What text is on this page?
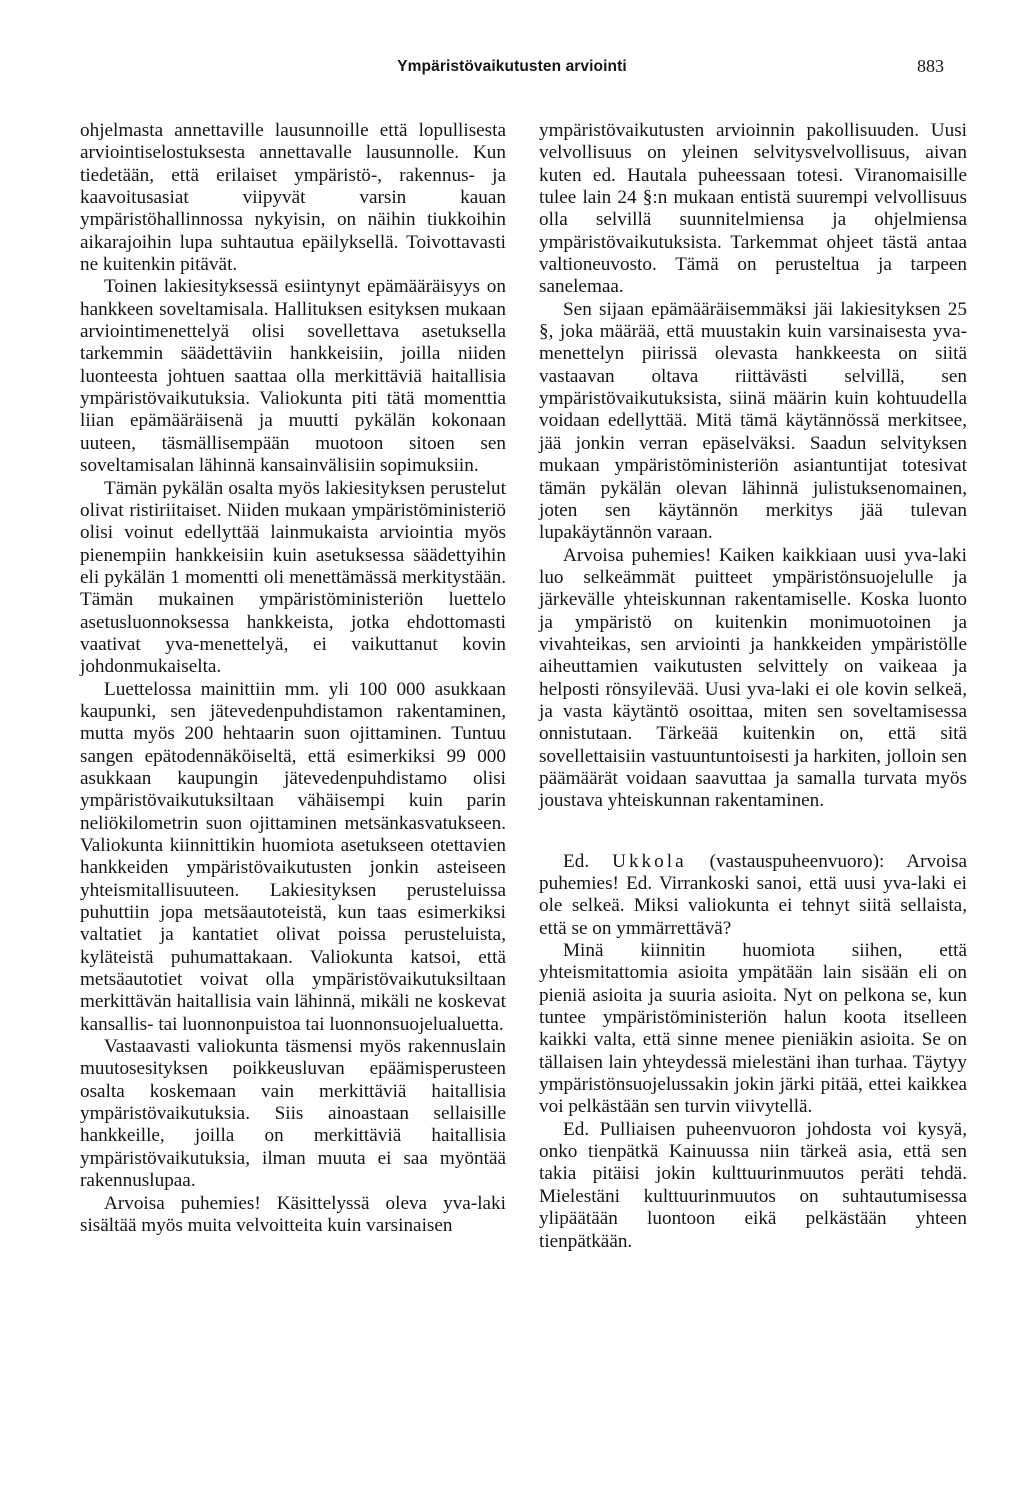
Ympäristövaikutusten arviointi	883

ohjelmasta annettaville lausunnoille että lopullisesta arviointiselostuksesta annettavalle lausunnolle. Kun tiedetään, että erilaiset ympäristö-, rakennus- ja kaavoitusasiat viipyvät varsin kauan ympäristöhallinnossa nykyisin, on näihin tiukkoihin aikarajoihin lupa suhtautua epäilyksellä. Toivottavasti ne kuitenkin pitävät.

Toinen lakiesityksessä esiintynyt epämääräisyys on hankkeen soveltamisala. Hallituksen esityksen mukaan arviointimenettelyä olisi sovellettava asetuksella tarkemmin säädettäviin hankkeisiin, joilla niiden luonteesta johtuen saattaa olla merkittäviä haitallisia ympäristövaikutuksia. Valiokunta piti tätä momenttia liian epämääräisenä ja muutti pykälän kokonaan uuteen, täsmällisempään muotoon sitoen sen soveltamisalan lähinnä kansainvälisiin sopimuksiin.

Tämän pykälän osalta myös lakiesityksen perustelut olivat ristiriitaiset. Niiden mukaan ympäristöministeriö olisi voinut edellyttää lainmukaista arviointia myös pienempiin hankkeisiin kuin asetuksessa säädettyihin eli pykälän 1 momentti oli menettämässä merkitystään. Tämän mukainen ympäristöministeriön luettelo asetusluonnoksessa hankkeista, jotka ehdottomasti vaativat yva-menettelyä, ei vaikuttanut kovin johdonmukaiselta.

Luettelossa mainittiin mm. yli 100 000 asukkaan kaupunki, sen jätevedenpuhdistamon rakentaminen, mutta myös 200 hehtaarin suon ojittaminen. Tuntuu sangen epätodennäköiseltä, että esimerkiksi 99 000 asukkaan kaupungin jätevedenpuhdistamo olisi ympäristövaikutuksiltaan vähäisempi kuin parin neliökilometrin suon ojittaminen metsänkasvatukseen. Valiokunta kiinnittikin huomiota asetukseen otettavien hankkeiden ympäristövaikutusten jonkin asteiseen yhteismitallisuuteen. Lakiesityksen perusteluissa puhuttiin jopa metsäautoteistä, kun taas esimerkiksi valtatiet ja kantatiet olivat poissa perusteluista, kyläteistä puhumattakaan. Valiokunta katsoi, että metsäautotiet voivat olla ympäristövaikutuksiltaan merkittävän haitallisia vain lähinnä, mikäli ne koskevat kansallis- tai luonnonpuistoa tai luonnonsuojelualuetta.

Vastaavasti valiokunta täsmensi myös rakennuslain muutosesityksen poikkeusluvan epäämisperusteen osalta koskemaan vain merkittäviä haitallisia ympäristövaikutuksia. Siis ainoastaan sellaisille hankkeille, joilla on merkittäviä haitallisia ympäristövaikutuksia, ilman muuta ei saa myöntää rakennuslupaa.

Arvoisa puhemies! Käsittelyssä oleva yva-laki sisältää myös muita velvoitteita kuin varsinaisen

ympäristövaikutusten arvioinnin pakollisuuden. Uusi velvollisuus on yleinen selvitysvelvollisuus, aivan kuten ed. Hautala puheessaan totesi. Viranomaisille tulee lain 24 §:n mukaan entistä suurempi velvollisuus olla selvillä suunnitelmiensa ja ohjelmiensa ympäristövaikutuksista. Tarkemmat ohjeet tästä antaa valtioneuvosto. Tämä on perusteltua ja tarpeen sanelemaa.

Sen sijaan epämääräisemmäksi jäi lakiesityksen 25 §, joka määrää, että muustakin kuin varsinaisesta yva-menettelyn piirissä olevasta hankkeesta on siitä vastaavan oltava riittävästi selvillä, sen ympäristövaikutuksista, siinä määrin kuin kohtuudella voidaan edellyttää. Mitä tämä käytännössä merkitsee, jää jonkin verran epäselväksi. Saadun selvityksen mukaan ympäristöministeriön asiantuntijat totesivat tämän pykälän olevan lähinnä julistuksenomainen, joten sen käytännön merkitys jää tulevan lupakäytännön varaan.

Arvoisa puhemies! Kaiken kaikkiaan uusi yva-laki luo selkeämmät puitteet ympäristönsuojelulle ja järkevälle yhteiskunnan rakentamiselle. Koska luonto ja ympäristö on kuitenkin monimuotoinen ja vivahteikas, sen arviointi ja hankkeiden ympäristölle aiheuttamien vaikutusten selvittely on vaikeaa ja helposti rönsyilevää. Uusi yva-laki ei ole kovin selkeä, ja vasta käytäntö osoittaa, miten sen soveltamisessa onnistutaan. Tärkeää kuitenkin on, että sitä sovellettaisiin vastuuntuntoisesti ja harkiten, jolloin sen päämäärät voidaan saavuttaa ja samalla turvata myös joustava yhteiskunnan rakentaminen.

Ed. Ukkola (vastauspuheenvuoro): Arvoisa puhemies! Ed. Virrankoski sanoi, että uusi yva-laki ei ole selkeä. Miksi valiokunta ei tehnyt siitä sellaista, että se on ymmärrettävä?

Minä kiinnitin huomiota siihen, että yhteismitattomia asioita ympätään lain sisään eli on pieniä asioita ja suuria asioita. Nyt on pelkona se, kun tuntee ympäristöministeriön halun koota itselleen kaikki valta, että sinne menee pieniäkin asioita. Se on tällaisen lain yhteydessä mielestäni ihan turhaa. Täytyy ympäristönsuojelussakin jokin järki pitää, ettei kaikkea voi pelkästään sen turvin viivytellä.

Ed. Pulliaisen puheenvuoron johdosta voi kysyä, onko tienpätkä Kainuussa niin tärkeä asia, että sen takia pitäisi jokin kulttuurinmuutos peräti tehdä. Mielestäni kulttuurinmuutos on suhtautumisessa ylipäätään luontoon eikä pelkästään yhteen tienpätkään.
